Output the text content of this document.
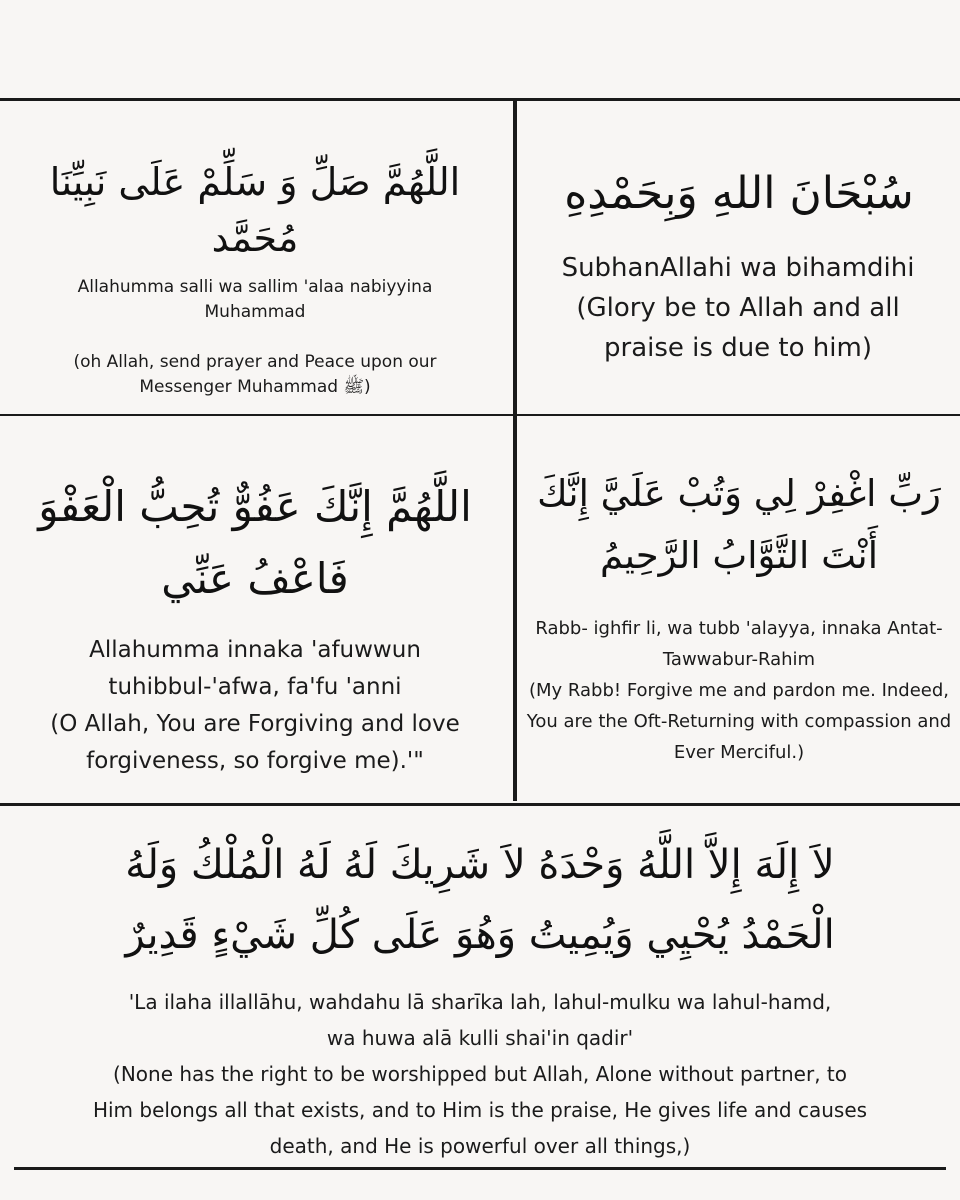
اللَّهُمَّ صَلِّ وَ سَلِّمْ عَلَى نَبِيِّنَا مُحَمَّد

Allahumma salli wa sallim 'alaa nabiyyina Muhammad

(oh Allah, send prayer and Peace upon our Messenger Muhammad ﷺ)

سُبْحَانَ اللهِ وَبِحَمْدِهِ

SubhanAllahi wa bihamdihi

(Glory be to Allah and all praise is due to him)

اللَّهُمَّ إِنَّكَ عَفُوٌّ تُحِبُّ الْعَفْوَ فَاعْفُ عَنِّي

Allahumma innaka 'afuwwun tuhibbul-'afwa, fa'fu 'anni

(O Allah, You are Forgiving and love forgiveness, so forgive me).'"

رَبِّ اغْفِرْ لِي وَتُبْ عَلَيَّ إِنَّكَ أَنْتَ التَّوَّابُ الرَّحِيمُ

Rabb- ighfir li, wa tubb 'alayya, innaka Antat-Tawwabur-Rahim

(My Rabb! Forgive me and pardon me. Indeed, You are the Oft-Returning with compassion and Ever Merciful.)

لاَ إِلَهَ إِلاَّ اللَّهُ وَحْدَهُ لاَ شَرِيكَ لَهُ لَهُ الْمُلْكُ وَلَهُ الْحَمْدُ يُحْيِي وَيُمِيتُ وَهُوَ عَلَى كُلِّ شَيْءٍ قَدِيرٌ

'La ilaha illallāhu, wahdahu lā sharīka lah, lahul-mulku wa lahul-hamd, wa huwa alā kulli shai'in qadir'

(None has the right to be worshipped but Allah, Alone without partner, to Him belongs all that exists, and to Him is the praise, He gives life and causes death, and He is powerful over all things,)
